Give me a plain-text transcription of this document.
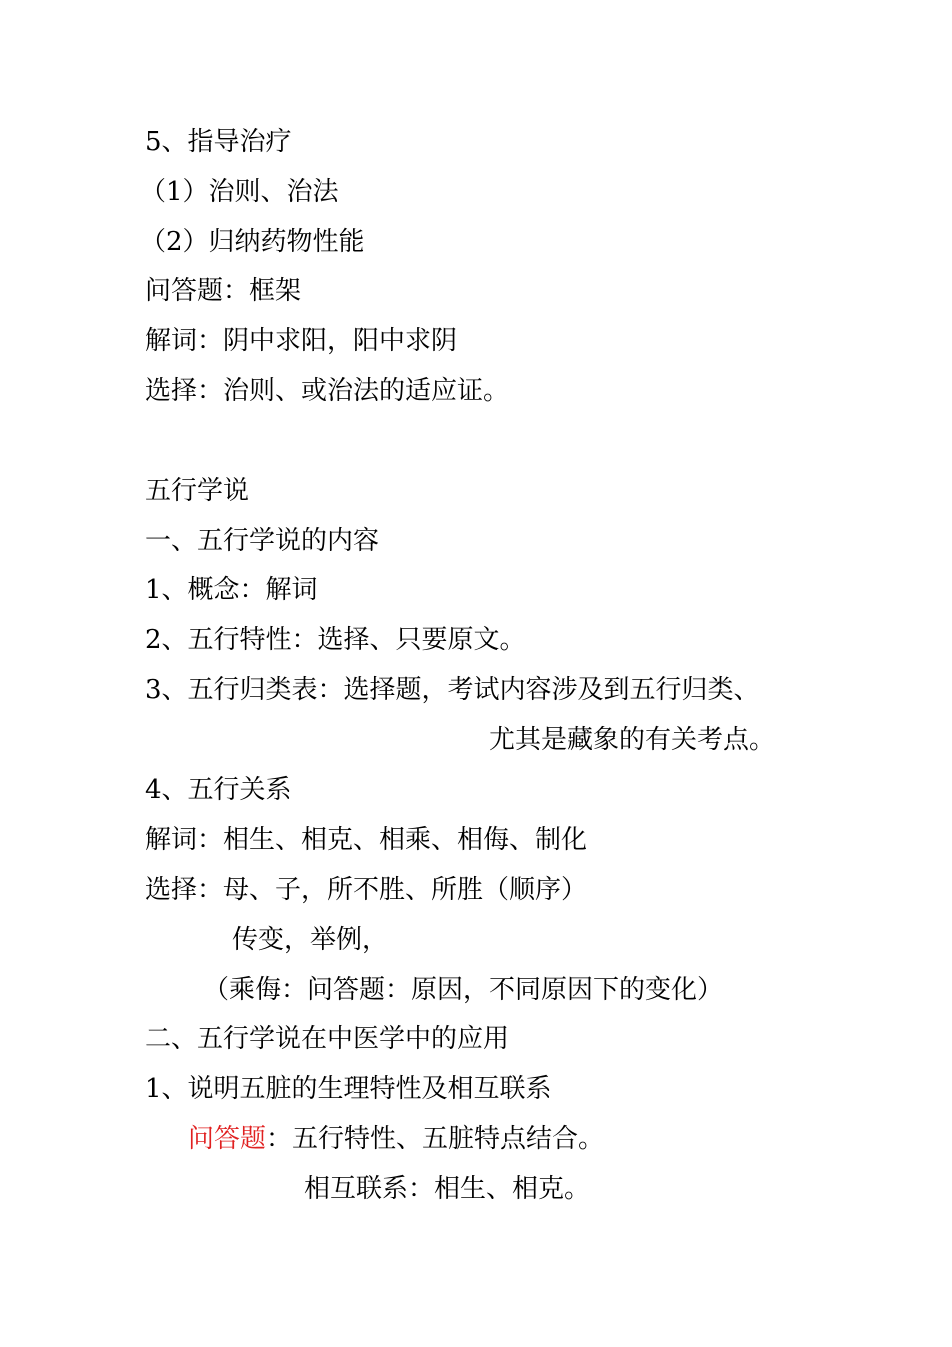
5、指导治疗
（1）治则、治法
（2）归纳药物性能
问答题：框架
解词：阴中求阳，阳中求阴
选择：治则、或治法的适应证。
五行学说
一、五行学说的内容
1、概念：解词
2、五行特性：选择、只要原文。
3、五行归类表：选择题，考试内容涉及到五行归类、
尤其是藏象的有关考点。
4、五行关系
解词：相生、相克、相乘、相侮、制化
选择：母、子，所不胜、所胜（顺序）
传变，举例，
（乘侮：问答题：原因，不同原因下的变化）
二、五行学说在中医学中的应用
1、说明五脏的生理特性及相互联系
问答题：五行特性、五脏特点结合。
相互联系：相生、相克。
